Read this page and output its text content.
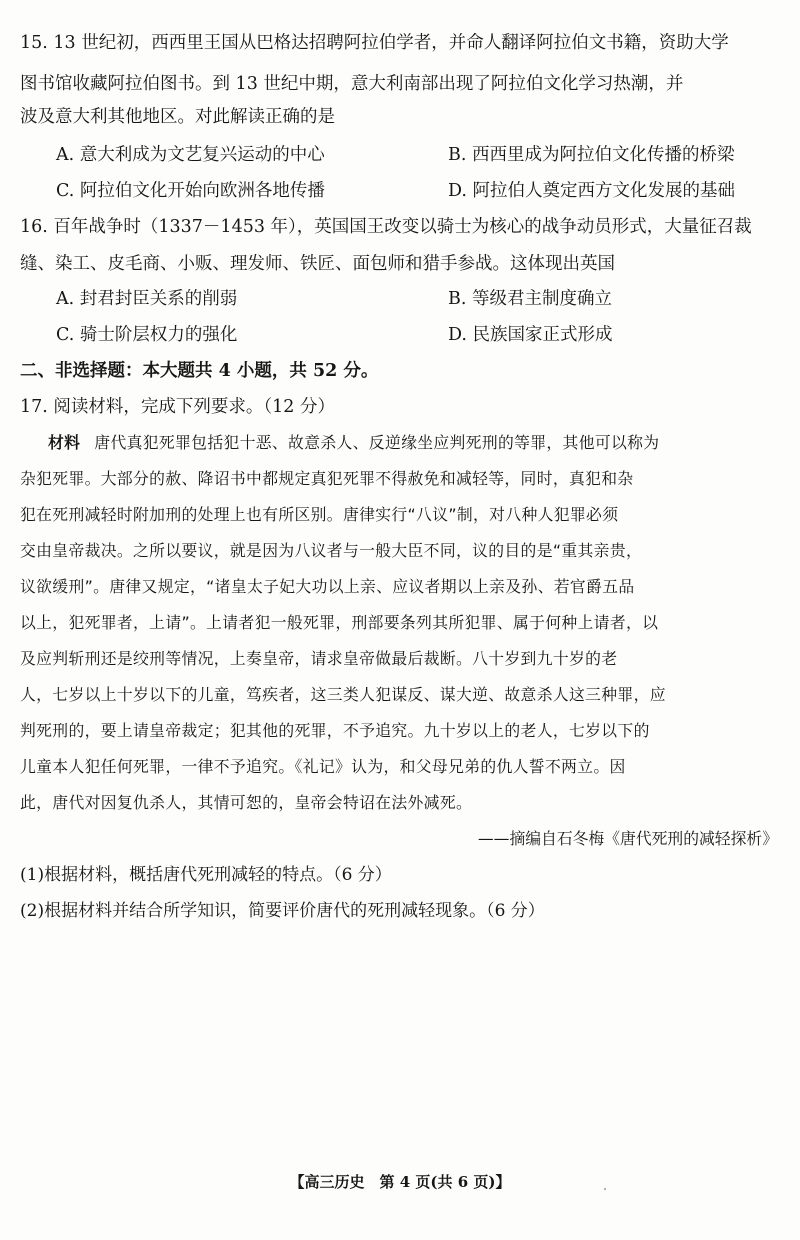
15. 13 世纪初，西西里王国从巴格达招聘阿拉伯学者，并命人翻译阿拉伯文书籍，资助大学
图书馆收藏阿拉伯图书。到 13 世纪中期，意大利南部出现了阿拉伯文化学习热潮，并
波及意大利其他地区。对此解读正确的是
A. 意大利成为文艺复兴运动的中心	B. 西西里成为阿拉伯文化传播的桥梁
C. 阿拉伯文化开始向欧洲各地传播	D. 阿拉伯人奠定西方文化发展的基础
16. 百年战争时（1337－1453 年），英国国王改变以骑士为核心的战争动员形式，大量征召裁
缝、染工、皮毛商、小贩、理发师、铁匠、面包师和猎手参战。这体现出英国
A. 封君封臣关系的削弱	B. 等级君主制度确立
C. 骑士阶层权力的强化	D. 民族国家正式形成
二、非选择题：本大题共 4 小题，共 52 分。
17. 阅读材料，完成下列要求。（12 分）
材料 唐代真犯死罪包括犯十恶、故意杀人、反逆缘坐应判死刑的等罪，其他可以称为
杂犯死罪。大部分的赦、降诏书中都规定真犯死罪不得赦免和减轻等，同时，真犯和杂
犯在死刑减轻时附加刑的处理上也有所区别。唐律实行“八议”制，对八种人犯罪必须
交由皇帝裁决。之所以要议，就是因为八议者与一般大臣不同，议的目的是“重其亲贵，
议欲缓刑”。唐律又规定，“诸皇太子妃大功以上亲、应议者期以上亲及孙、若官爵五品
以上，犯死罪者，上请”。上请者犯一般死罪，刑部要条列其所犯罪、属于何种上请者，以
及应判斩刑还是绞刑等情况，上奏皇帝，请求皇帝做最后裁断。八十岁到九十岁的老
人，七岁以上十岁以下的儿童，笃疾者，这三类人犯谋反、谋大逆、故意杀人这三种罪，应
判死刑的，要上请皇帝裁定；犯其他的死罪，不予追究。九十岁以上的老人，七岁以下的
儿童本人犯任何死罪，一律不予追究。《礼记》认为，和父母兄弟的仇人誓不两立。因
此，唐代对因复仇杀人，其情可恕的，皇帝会特诏在法外减死。
——摘编自石冬梅《唐代死刑的减轻探析》
(1)根据材料，概括唐代死刑减轻的特点。（6 分）
(2)根据材料并结合所学知识，简要评价唐代的死刑减轻现象。（6 分）
【高三历史　第 4 页(共 6 页)】
